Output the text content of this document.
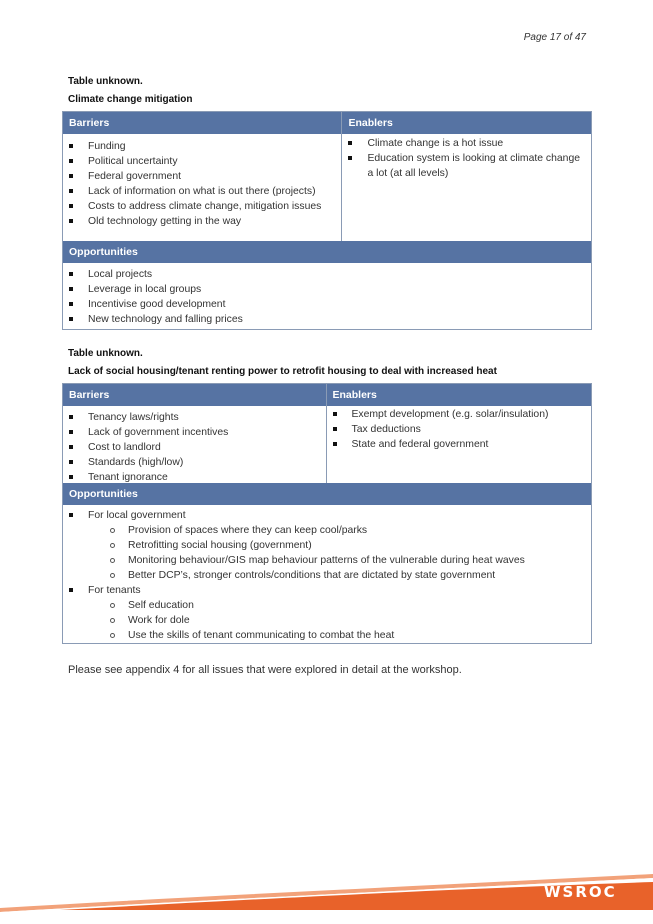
Page 17 of 47
Table unknown.
Climate change mitigation
Barriers	Enablers
Funding
Political uncertainty
Federal government
Lack of information on what is out there (projects)
Costs to address climate change, mitigation issues
Old technology getting in the way
Climate change is a hot issue
Education system is looking at climate change a lot (at all levels)
Opportunities
Local projects
Leverage in local groups
Incentivise good development
New technology and falling prices
Table unknown.
Lack of social housing/tenant renting power to retrofit housing to deal with increased heat
Barriers	Enablers
Tenancy laws/rights
Lack of government incentives
Cost to landlord
Standards (high/low)
Tenant ignorance
Exempt development (e.g. solar/insulation)
Tax deductions
State and federal government
Opportunities
For local government
Provision of spaces where they can keep cool/parks
Retrofitting social housing (government)
Monitoring behaviour/GIS map behaviour patterns of the vulnerable during heat waves
Better DCP’s, stronger controls/conditions that are dictated by state government
For tenants
Self education
Work for dole
Use the skills of tenant communicating to combat the heat
Please see appendix 4 for all issues that were explored in detail at the workshop.
WSROC
